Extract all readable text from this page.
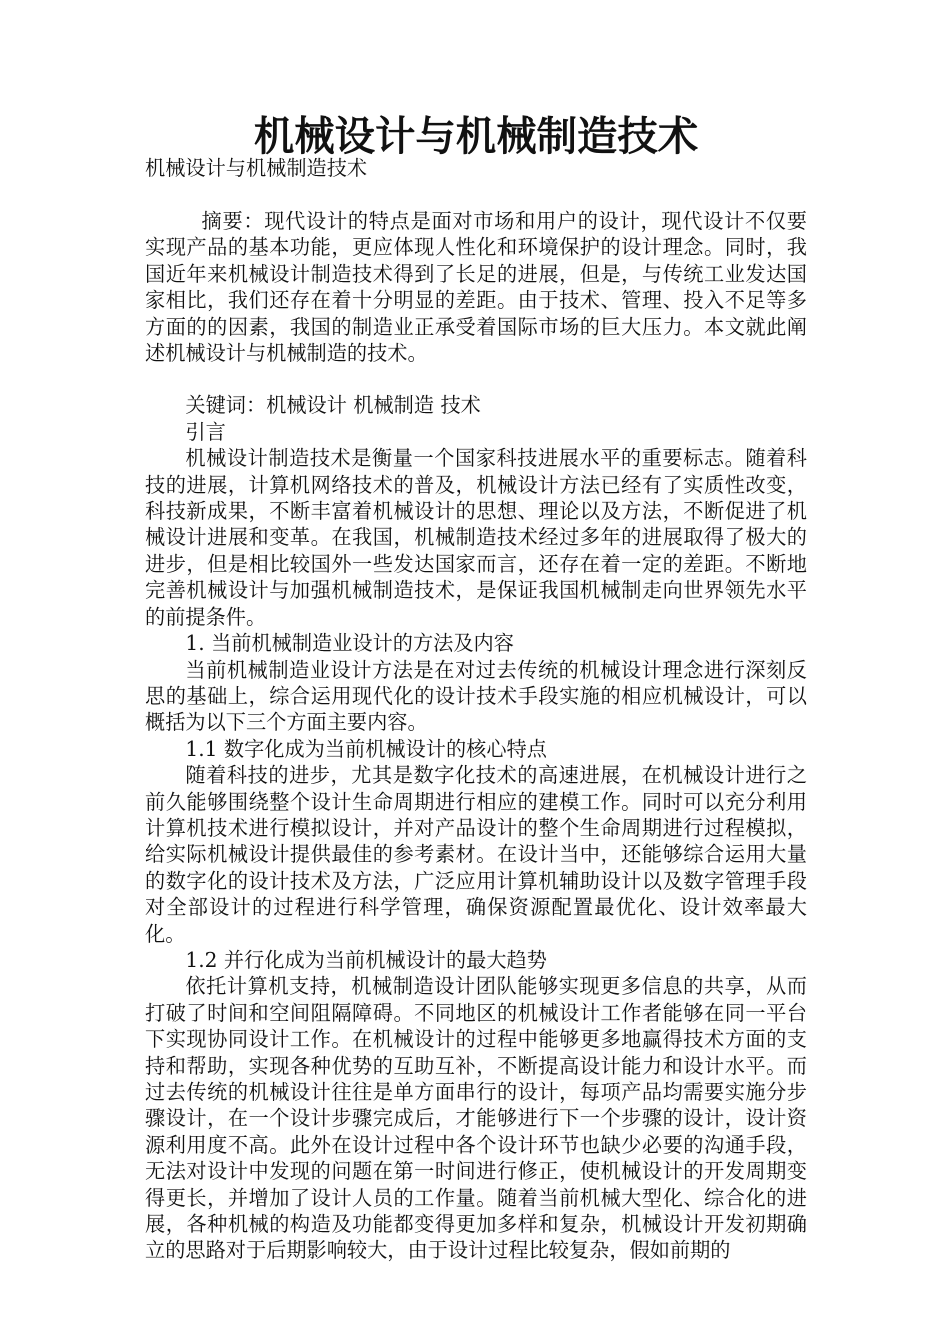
机械设计与机械制造技术
机械设计与机械制造技术

摘要：现代设计的特点是面对市场和用户的设计，现代设计不仅要实现产品的基本功能，更应体现人性化和环境保护的设计理念。同时，我国近年来机械设计制造技术得到了长足的进展，但是，与传统工业发达国家相比，我们还存在着十分明显的差距。由于技术、管理、投入不足等多方面的的因素，我国的制造业正承受着国际市场的巨大压力。本文就此阐述机械设计与机械制造的技术。

关键词：机械设计 机械制造 技术
引言

机械设计制造技术是衡量一个国家科技进展水平的重要标志。随着科技的进展，计算机网络技术的普及，机械设计方法已经有了实质性改变，科技新成果，不断丰富着机械设计的思想、理论以及方法，不断促进了机械设计进展和变革。在我国，机械制造技术经过多年的进展取得了极大的进步，但是相比较国外一些发达国家而言，还存在着一定的差距。不断地完善机械设计与加强机械制造技术，是保证我国机械制走向世界领先水平的前提条件。

1. 当前机械制造业设计的方法及内容

当前机械制造业设计方法是在对过去传统的机械设计理念进行深刻反思的基础上，综合运用现代化的设计技术手段实施的相应机械设计，可以概括为以下三个方面主要内容。

1.1 数字化成为当前机械设计的核心特点

随着科技的进步，尤其是数字化技术的高速进展，在机械设计进行之前久能够围绕整个设计生命周期进行相应的建模工作。同时可以充分利用计算机技术进行模拟设计，并对产品设计的整个生命周期进行过程模拟，给实际机械设计提供最佳的参考素材。在设计当中，还能够综合运用大量的数字化的设计技术及方法，广泛应用计算机辅助设计以及数字管理手段对全部设计的过程进行科学管理，确保资源配置最优化、设计效率最大化。

1.2 并行化成为当前机械设计的最大趋势

依托计算机支持，机械制造设计团队能够实现更多信息的共享，从而打破了时间和空间阻隔障碍。不同地区的机械设计工作者能够在同一平台下实现协同设计工作。在机械设计的过程中能够更多地赢得技术方面的支持和帮助，实现各种优势的互助互补，不断提高设计能力和设计水平。而过去传统的机械设计往往是单方面串行的设计，每项产品均需要实施分步骤设计，在一个设计步骤完成后，才能够进行下一个步骤的设计，设计资源利用度不高。此外在设计过程中各个设计环节也缺少必要的沟通手段，无法对设计中发现的问题在第一时间进行修正，使机械设计的开发周期变得更长，并增加了设计人员的工作量。随着当前机械大型化、综合化的进展，各种机械的构造及功能都变得更加多样和复杂，机械设计开发初期确立的思路对于后期影响较大，由于设计过程比较复杂，假如前期的
